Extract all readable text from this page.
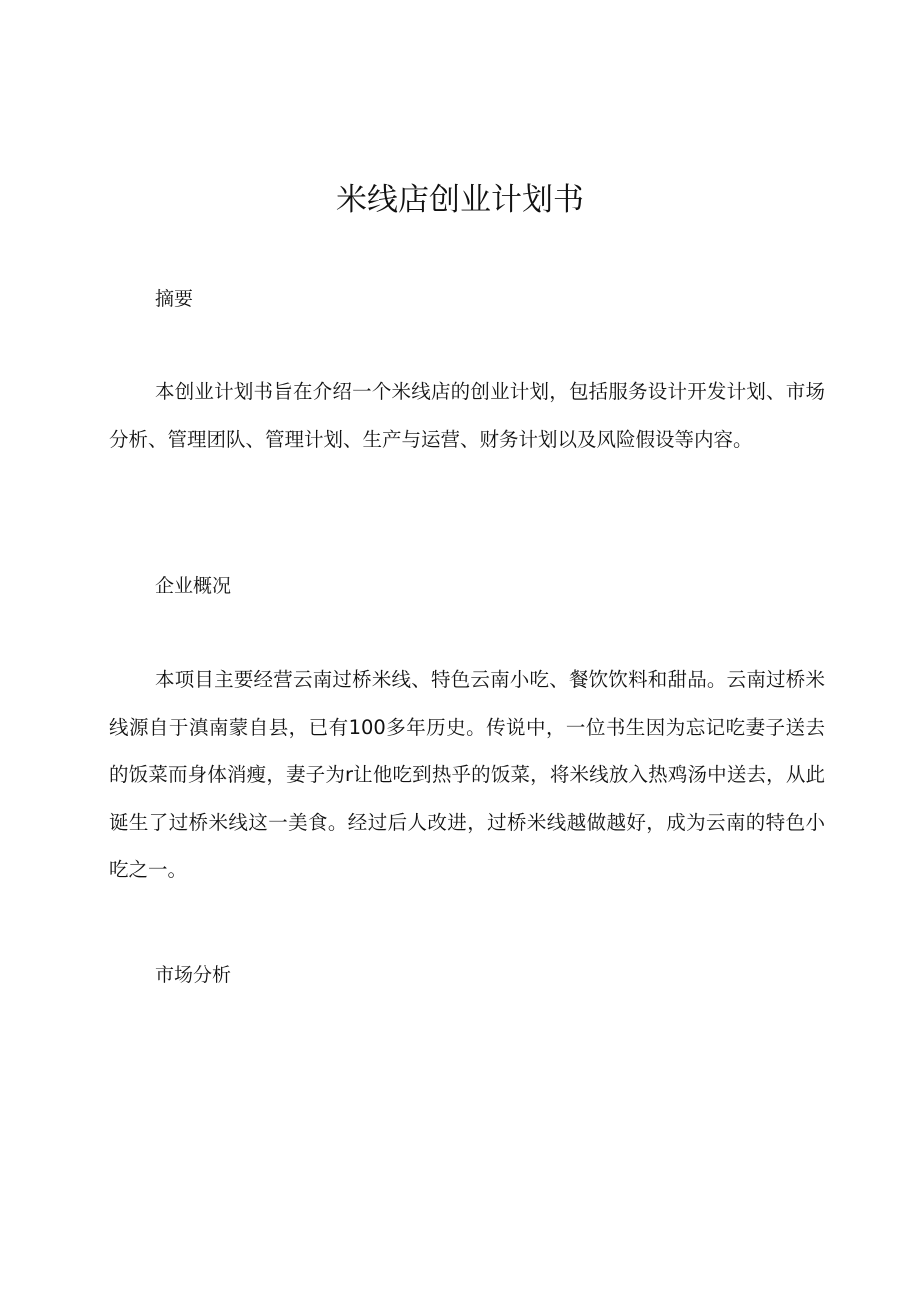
米线店创业计划书
摘要

本创业计划书旨在介绍一个米线店的创业计划，包括服务设计开发计划、市场分析、管理团队、管理计划、生产与运营、财务计划以及风险假设等内容。

企业概况

本项目主要经营云南过桥米线、特色云南小吃、餐饮饮料和甜品。云南过桥米线源自于滇南蒙自县，已有100多年历史。传说中，一位书生因为忘记吃妻子送去的饭菜而身体消瘦，妻子为r让他吃到热乎的饭菜，将米线放入热鸡汤中送去，从此诞生了过桥米线这一美食。经过后人改进，过桥米线越做越好，成为云南的特色小吃之一。

市场分析
